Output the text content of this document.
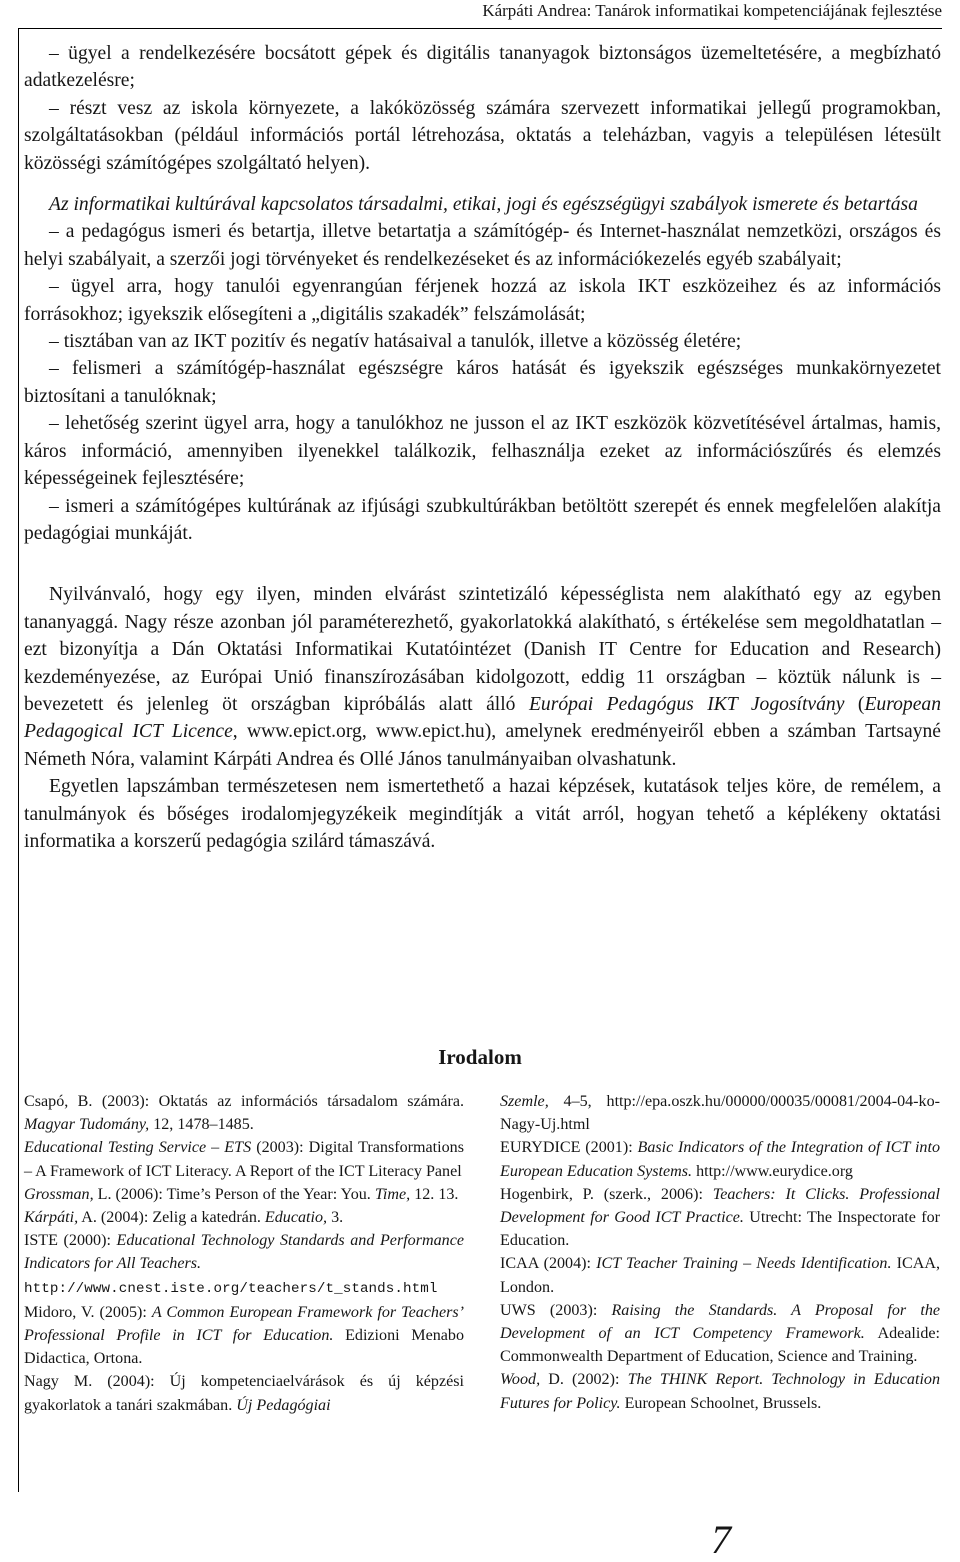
Kárpáti Andrea: Tanárok informatikai kompetenciájának fejlesztése

– ügyel a rendelkezésére bocsátott gépek és digitális tananyagok biztonságos üzemeltetésére, a megbízható adatkezelésre;

– részt vesz az iskola környezete, a lakóközösség számára szervezett informatikai jellegű programokban, szolgáltatásokban (például információs portál létrehozása, oktatás a teleházban, vagyis a településen létesült közösségi számítógépes szolgáltató helyen).

Az informatikai kultúrával kapcsolatos társadalmi, etikai, jogi és egészségügyi szabályok ismerete és betartása

– a pedagógus ismeri és betartja, illetve betartatja a számítógép- és Internet-használat nemzetközi, országos és helyi szabályait, a szerzői jogi törvényeket és rendelkezéseket és az információkezelés egyéb szabályait;

– ügyel arra, hogy tanulói egyenrangúan férjenek hozzá az iskola IKT eszközeihez és az információs forrásokhoz; igyekszik elősegíteni a „digitális szakadék” felszámolását;

– tisztában van az IKT pozitív és negatív hatásaival a tanulók, illetve a közösség életére;

– felismeri a számítógép-használat egészségre káros hatását és igyekszik egészséges munkakörnyezetet biztosítani a tanulóknak;

– lehetőség szerint ügyel arra, hogy a tanulókhoz ne jusson el az IKT eszközök közvetítésével ártalmas, hamis, káros információ, amennyiben ilyenekkel találkozik, felhasználja ezeket az információszűrés és elemzés képességeinek fejlesztésére;

– ismeri a számítógépes kultúrának az ifjúsági szubkultúrákban betöltött szerepét és ennek megfelelően alakítja pedagógiai munkáját.

Nyilvánvaló, hogy egy ilyen, minden elvárást szintetizáló képességlista nem alakítható egy az egyben tananyaggá. Nagy része azonban jól paraméterezhető, gyakorlatokká alakítható, s értékelése sem megoldhatatlan – ezt bizonyítja a Dán Oktatási Informatikai Kutatóintézet (Danish IT Centre for Education and Research) kezdeményezése, az Európai Unió finanszírozásában kidolgozott, eddig 11 országban – köztük nálunk is – bevezetett és jelenleg öt országban kipróbálás alatt álló Európai Pedagógus IKT Jogosítvány (European Pedagogical ICT Licence, www.epict.org, www.epict.hu), amelynek eredményeiről ebben a számban Tartsayné Németh Nóra, valamint Kárpáti Andrea és Ollé János tanulmányaiban olvashatunk.

Egyetlen lapszámban természetesen nem ismertethető a hazai képzések, kutatások teljes köre, de remélem, a tanulmányok és bőséges irodalomjegyzékeik megindítják a vitát arról, hogyan tehető a képlékeny oktatási informatika a korszerű pedagógia szilárd támaszává.

Irodalom

Csapó, B. (2003): Oktatás az információs társadalom számára. Magyar Tudomány, 12, 1478–1485.

Educational Testing Service – ETS (2003): Digital Transformations – A Framework of ICT Literacy. A Report of the ICT Literacy Panel

Grossman, L. (2006): Time’s Person of the Year: You. Time, 12. 13.

Kárpáti, A. (2004): Zelig a katedrán. Educatio, 3.

ISTE (2000): Educational Technology Standards and Performance Indicators for All Teachers.
http://www.cnest.iste.org/teachers/t_stands.html

Midoro, V. (2005): A Common European Framework for Teachers’ Professional Profile in ICT for Education. Edizioni Menabo Didactica, Ortona.

Nagy M. (2004): Új kompetenciaelvárások és új képzési gyakorlatok a tanári szakmában. Új Pedagógiai

Szemle, 4–5, http://epa.oszk.hu/00000/00035/00081/2004-04-ko-Nagy-Uj.html

EURYDICE (2001): Basic Indicators of the Integration of ICT into European Education Systems. http://www.eurydice.org

Hogenbirk, P. (szerk., 2006): Teachers: It Clicks. Professional Development for Good ICT Practice. Utrecht: The Inspectorate for Education.

ICAA (2004): ICT Teacher Training – Needs Identification. ICAA, London.

UWS (2003): Raising the Standards. A Proposal for the Development of an ICT Competency Framework. Adealide: Commonwealth Department of Education, Science and Training.

Wood, D. (2002): The THINK Report. Technology in Education Futures for Policy. European Schoolnet, Brussels.

7
